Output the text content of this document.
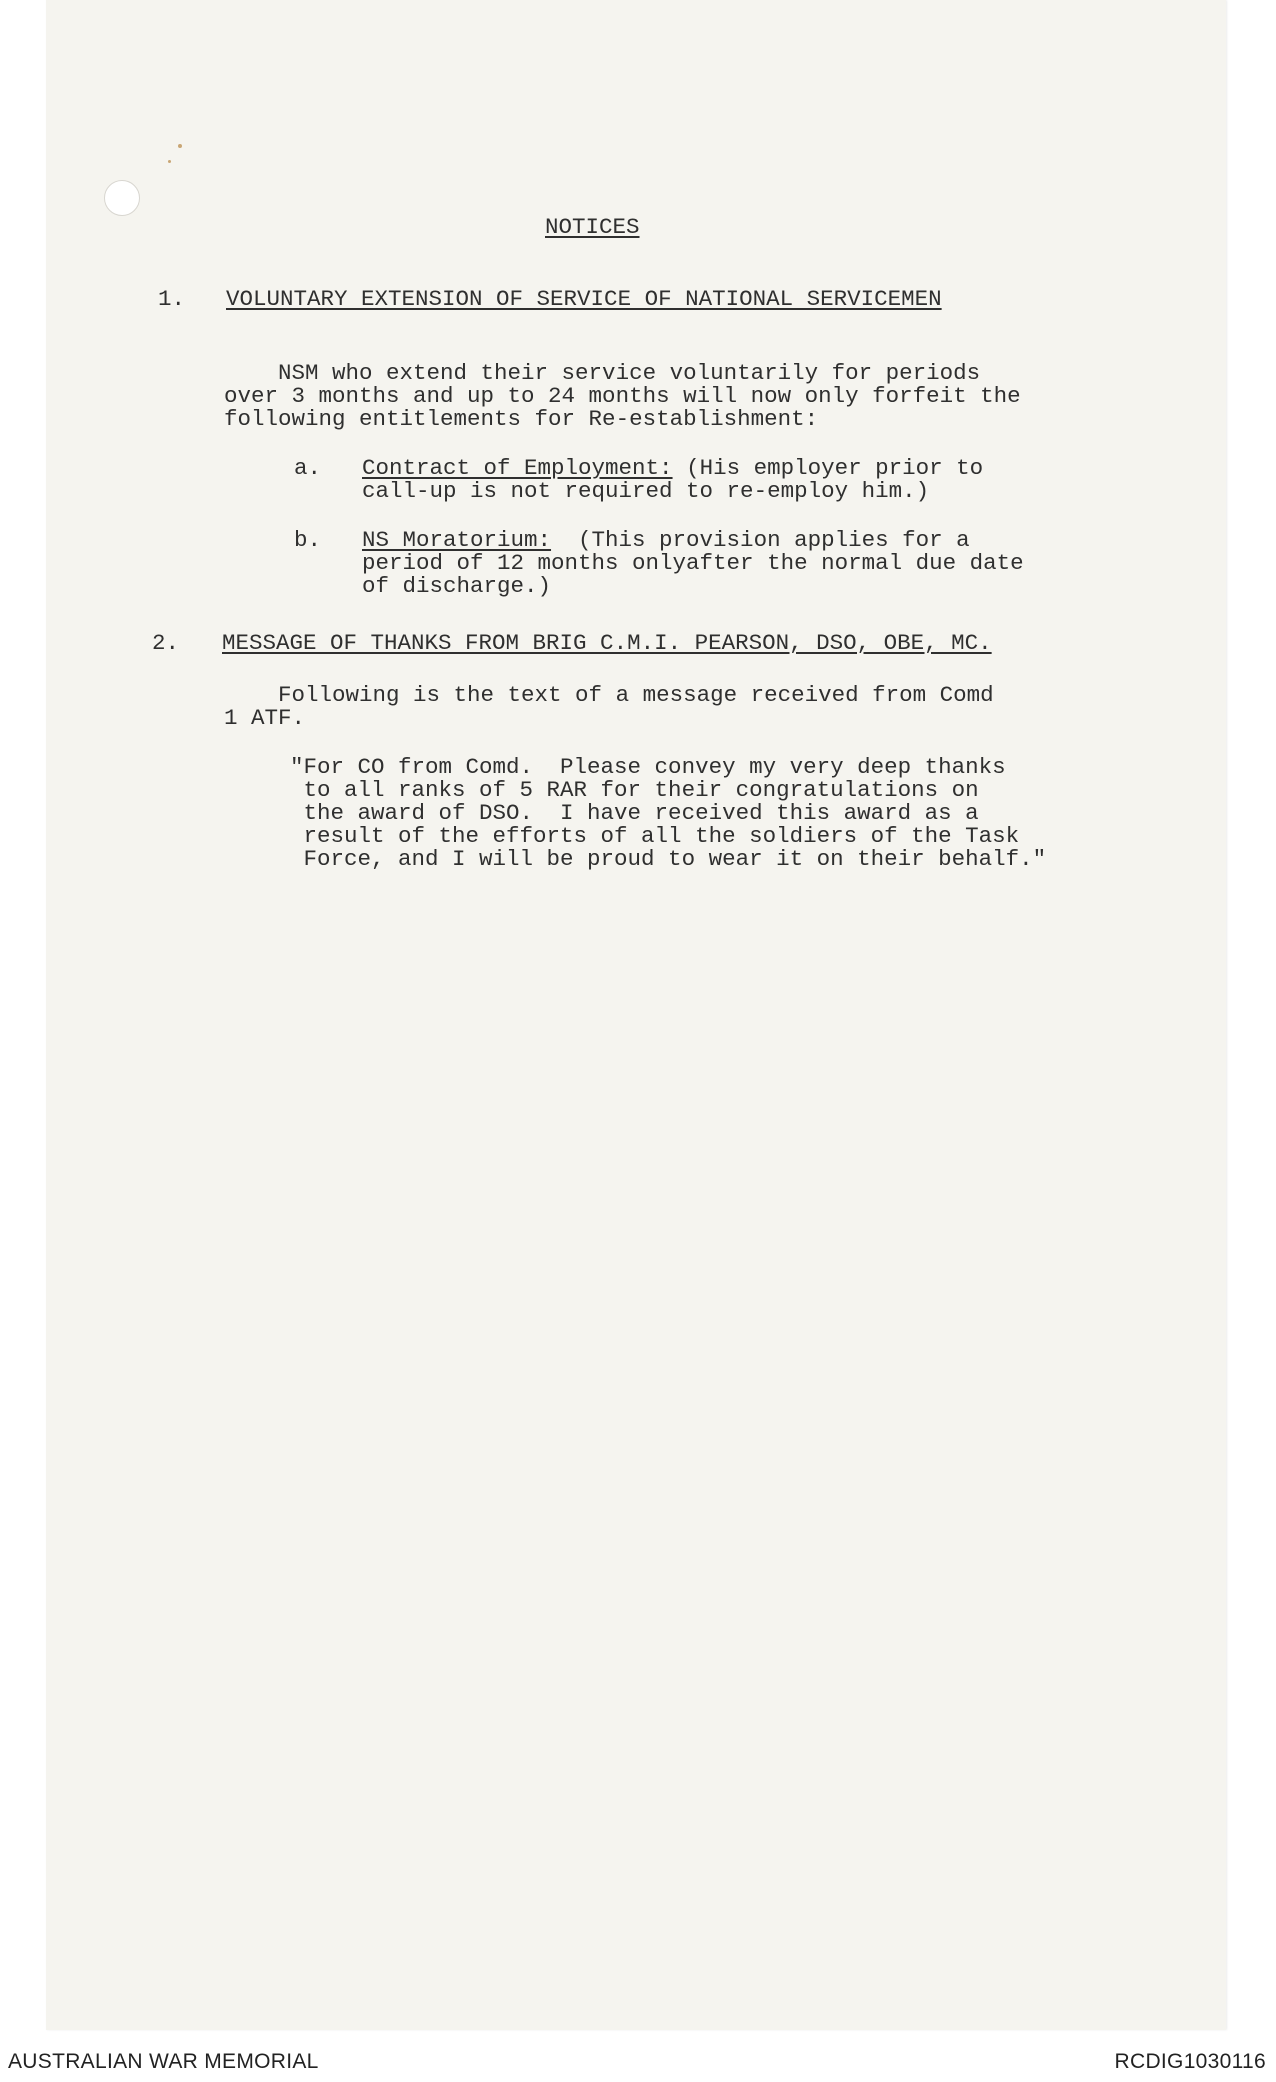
NOTICES
1. VOLUNTARY EXTENSION OF SERVICE OF NATIONAL SERVICEMEN
NSM who extend their service voluntarily for periods
over 3 months and up to 24 months will now only forfeit the
following entitlements for Re-establishment:
a. Contract of Employment: (His employer prior to
call-up is not required to re-employ him.)
b. NS Moratorium:  (This provision applies for a
period of 12 months onlyafter the normal due date
of discharge.)
2. MESSAGE OF THANKS FROM BRIG C.M.I. PEARSON, DSO, OBE, MC.
Following is the text of a message received from Comd
1 ATF.
"For CO from Comd.  Please convey my very deep thanks
to all ranks of 5 RAR for their congratulations on
the award of DSO.  I have received this award as a
result of the efforts of all the soldiers of the Task
Force, and I will be proud to wear it on their behalf."
AUSTRALIAN WAR MEMORIAL	RCDIG1030116
